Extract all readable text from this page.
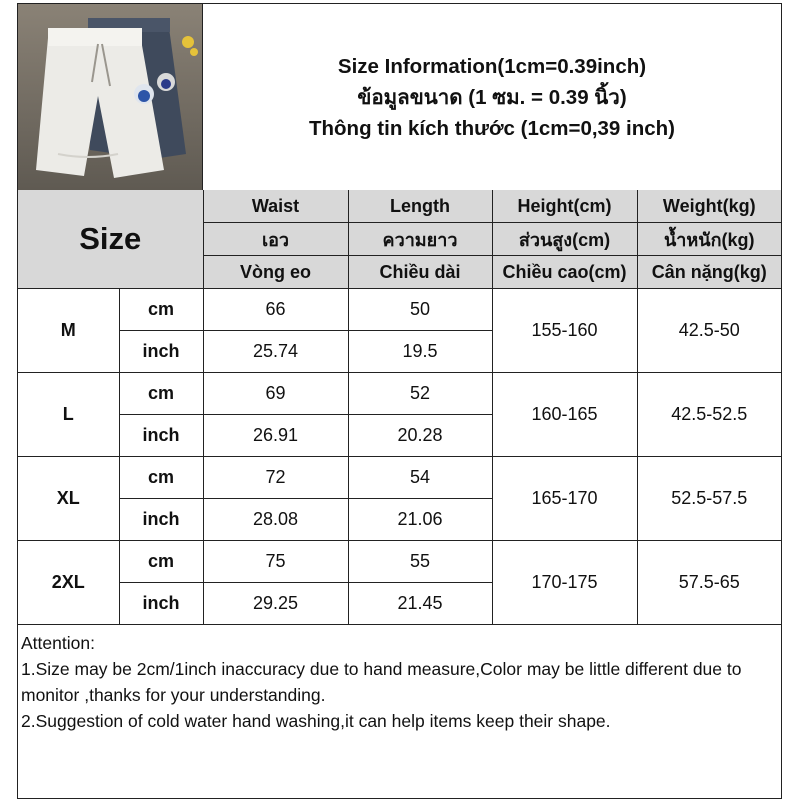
Size Information(1cm=0.39inch)
ข้อมูลขนาด (1 ซม. = 0.39 นิ้ว)
Thông tin kích thước (1cm=0,39 inch)
Size		Waist	Length	Height(cm)	Weight(kg)
		เอว	ความยาว	ส่วนสูง(cm)	น้ำหนัก(kg)
		Vòng eo	Chiều dài	Chiều cao(cm)	Cân nặng(kg)
M	cm	66	50	155-160	42.5-50
	inch	25.74	19.5		
L	cm	69	52	160-165	42.5-52.5
	inch	26.91	20.28		
XL	cm	72	54	165-170	52.5-57.5
	inch	28.08	21.06		
2XL	cm	75	55	170-175	57.5-65
	inch	29.25	21.45		

Attention:

1.Size may be 2cm/1inch inaccuracy due to hand measure,Color may be little different due to monitor ,thanks for your understanding.

2.Suggestion of cold water hand washing,it can help items keep their shape.
